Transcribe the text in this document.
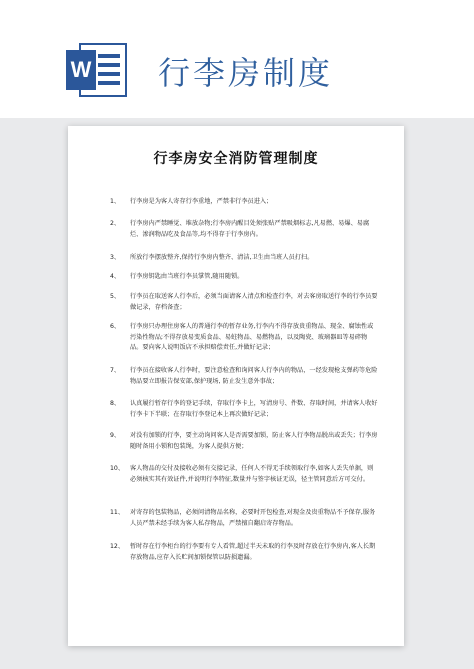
W 行李房制度
行李房安全消防管理制度
1、	行李房是为客人寄存行李重地，严禁非行李员进入；
2、	行李房内严禁睡觉、堆放杂物;行李房内醒目处须张贴严禁吸烟标志,凡易燃、易爆、易腐烂、渗润物品吃及食品等,均不得存于行李房内。
3、	所放行李摆放整齐,保持行李房内整齐、清洁,卫生由当班人员打扫。
4、	行李房钥匙由当班行李员掌管,随用随锁。
5、	行李员在取送客人行李后，必须当面请客人清点和检查行李，对去客房取送行李的行李员要做记录，存档备查；
6、	行李房只办理住房客人的普通行李的暂存业务,行李内不得存放贵重物品、现金、腐蚀性或污染性物品;不得存放易变质食品、易蛀物品、易燃物品，以及陶瓷、玻璃器皿等易碎物品。要向客人说明饭店不承担赔偿责任,并做好记录；
7、	行李员在接收客人行李时，要注意检查和询问客人行李内的物品，一经发现枪支弹药等危险物品要立即报告保安部,保护现场, 防止发生意外事故；
8、	认真履行暂存行李的登记手续，存取行李卡上，写清房号、件数、存取时间，并请客人收好行李卡下半联；在存取行李登记本上再次做好记录；
9、	对没有加锁的行李，要主动询问客人是否需要加锁，防止客人行李物品脱出或丢失；行李房随时备用小锁和包装绳，为客人提供方便；
10、 客人物品的交付及接收必须有交接记录，任何人不得无手续领取行李,如客人丢失单据，则必须核实其有效证件,并说明行李特征,数量并与签字核证无误，径主管同意后方可交付。
11、 对寄存的包装物品，必须问清物品名称，必要时开包检查,对现金及贵重物品不予保存,服务人员严禁未经手续为客人私存物品，严禁擅自翻启寄存物品。
12、 暂时存在行李柜台的行李要有专人看管,超过半天未取的行李及时存放在行李房内,客人长期存放物品,应存入长贮间加锁保管以防损遗漏。
